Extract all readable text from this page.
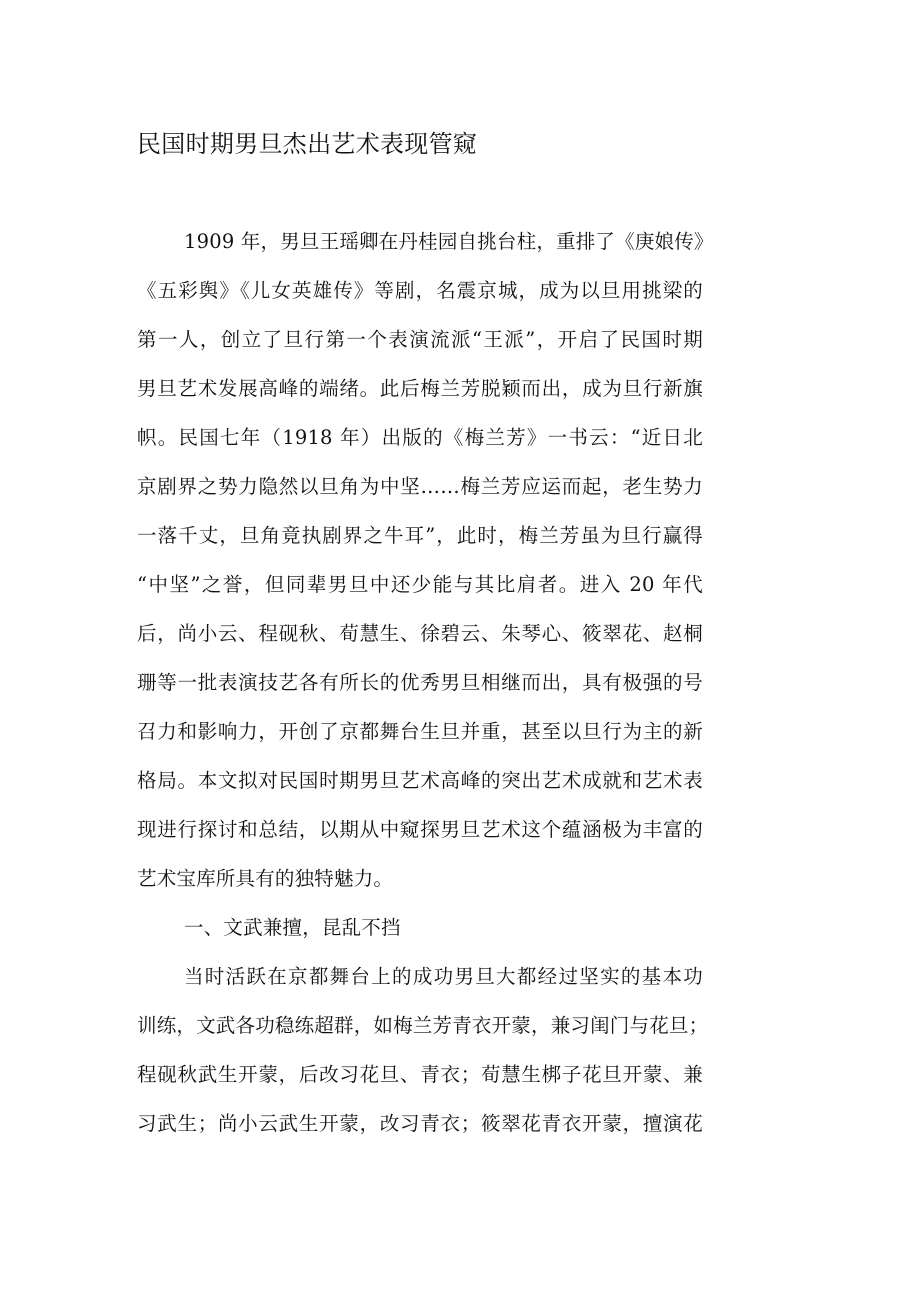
民国时期男旦杰出艺术表现管窥
1909 年，男旦王瑶卿在丹桂园自挑台柱，重排了《庚娘传》
《五彩舆》《儿女英雄传》等剧，名震京城，成为以旦用挑梁的
第一人，创立了旦行第一个表演流派“王派”，开启了民国时期
男旦艺术发展高峰的端绪。此后梅兰芳脱颖而出，成为旦行新旗
帜。民国七年（1918 年）出版的《梅兰芳》一书云：“近日北
京剧界之势力隐然以旦角为中坚……梅兰芳应运而起，老生势力
一落千丈，旦角竟执剧界之牛耳”，此时，梅兰芳虽为旦行赢得
“中坚”之誉，但同辈男旦中还少能与其比肩者。进入 20 年代
后，尚小云、程砚秋、荀慧生、徐碧云、朱琴心、筱翠花、赵桐
珊等一批表演技艺各有所长的优秀男旦相继而出，具有极强的号
召力和影响力，开创了京都舞台生旦并重，甚至以旦行为主的新
格局。本文拟对民国时期男旦艺术高峰的突出艺术成就和艺术表
现进行探讨和总结，以期从中窥探男旦艺术这个蕴涵极为丰富的
艺术宝库所具有的独特魅力。
一、文武兼擅，昆乱不挡
当时活跃在京都舞台上的成功男旦大都经过坚实的基本功
训练，文武各功稳练超群，如梅兰芳青衣开蒙，兼习闺门与花旦；
程砚秋武生开蒙，后改习花旦、青衣；荀慧生梆子花旦开蒙、兼
习武生；尚小云武生开蒙，改习青衣；筱翠花青衣开蒙，擅演花
